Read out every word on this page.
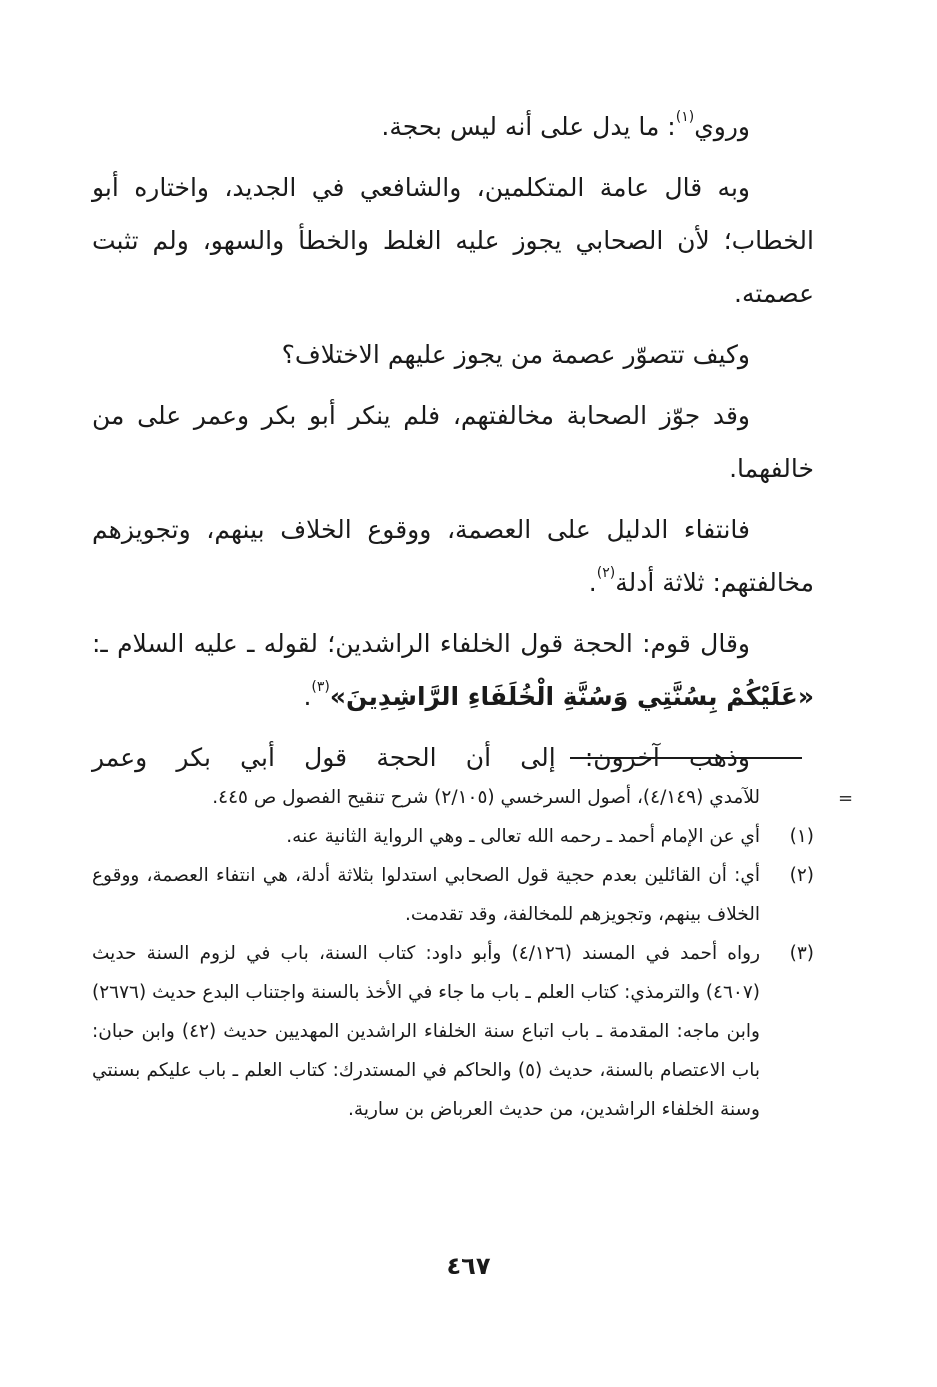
وروي$^{(١)}$: ما يدل على أنه ليس بحجة.

وبه قال عامة المتكلمين، والشافعي في الجديد، واختاره أبو الخطاب؛ لأن الصحابي يجوز عليه الغلط والخطأ والسهو، ولم تثبت عصمته.

وكيف تتصوّر عصمة من يجوز عليهم الاختلاف؟

وقد جوّز الصحابة مخالفتهم، فلم ينكر أبو بكر وعمر على من خالفهما.

فانتفاء الدليل على العصمة، ووقوع الخلاف بينهم، وتجويزهم مخالفتهم: ثلاثة أدلة$^{(٢)}$.

وقال قوم: الحجة قول الخلفاء الراشدين؛ لقوله ـ عليه السلام ـ: «عَلَيْكُمْ بِسُنَّتِي وَسُنَّةِ الْخُلَفَاءِ الرَّاشِدِينَ»$^{(٣)}$.

وذهب آخرون: إلى أن الحجة قول أبي بكر وعمر

=
للآمدي (٤/١٤٩)، أصول السرخسي (٢/١٠٥) شرح تنقيح الفصول ص ٤٤٥.
(١)
أي عن الإمام أحمد ـ رحمه الله تعالى ـ وهي الرواية الثانية عنه.
(٢)
أي: أن القائلين بعدم حجية قول الصحابي استدلوا بثلاثة أدلة، هي انتفاء العصمة، ووقوع الخلاف بينهم، وتجويزهم للمخالفة، وقد تقدمت.
(٣)
رواه أحمد في المسند (٤/١٢٦) وأبو داود: كتاب السنة، باب في لزوم السنة حديث (٤٦٠٧) والترمذي: كتاب العلم ـ باب ما جاء في الأخذ بالسنة واجتناب البدع حديث (٢٦٧٦) وابن ماجه: المقدمة ـ باب اتباع سنة الخلفاء الراشدين المهديين حديث (٤٢) وابن حبان: باب الاعتصام بالسنة، حديث (٥) والحاكم في المستدرك: كتاب العلم ـ باب عليكم بسنتي وسنة الخلفاء الراشدين، من حديث العرباض بن سارية.
٤٦٧
